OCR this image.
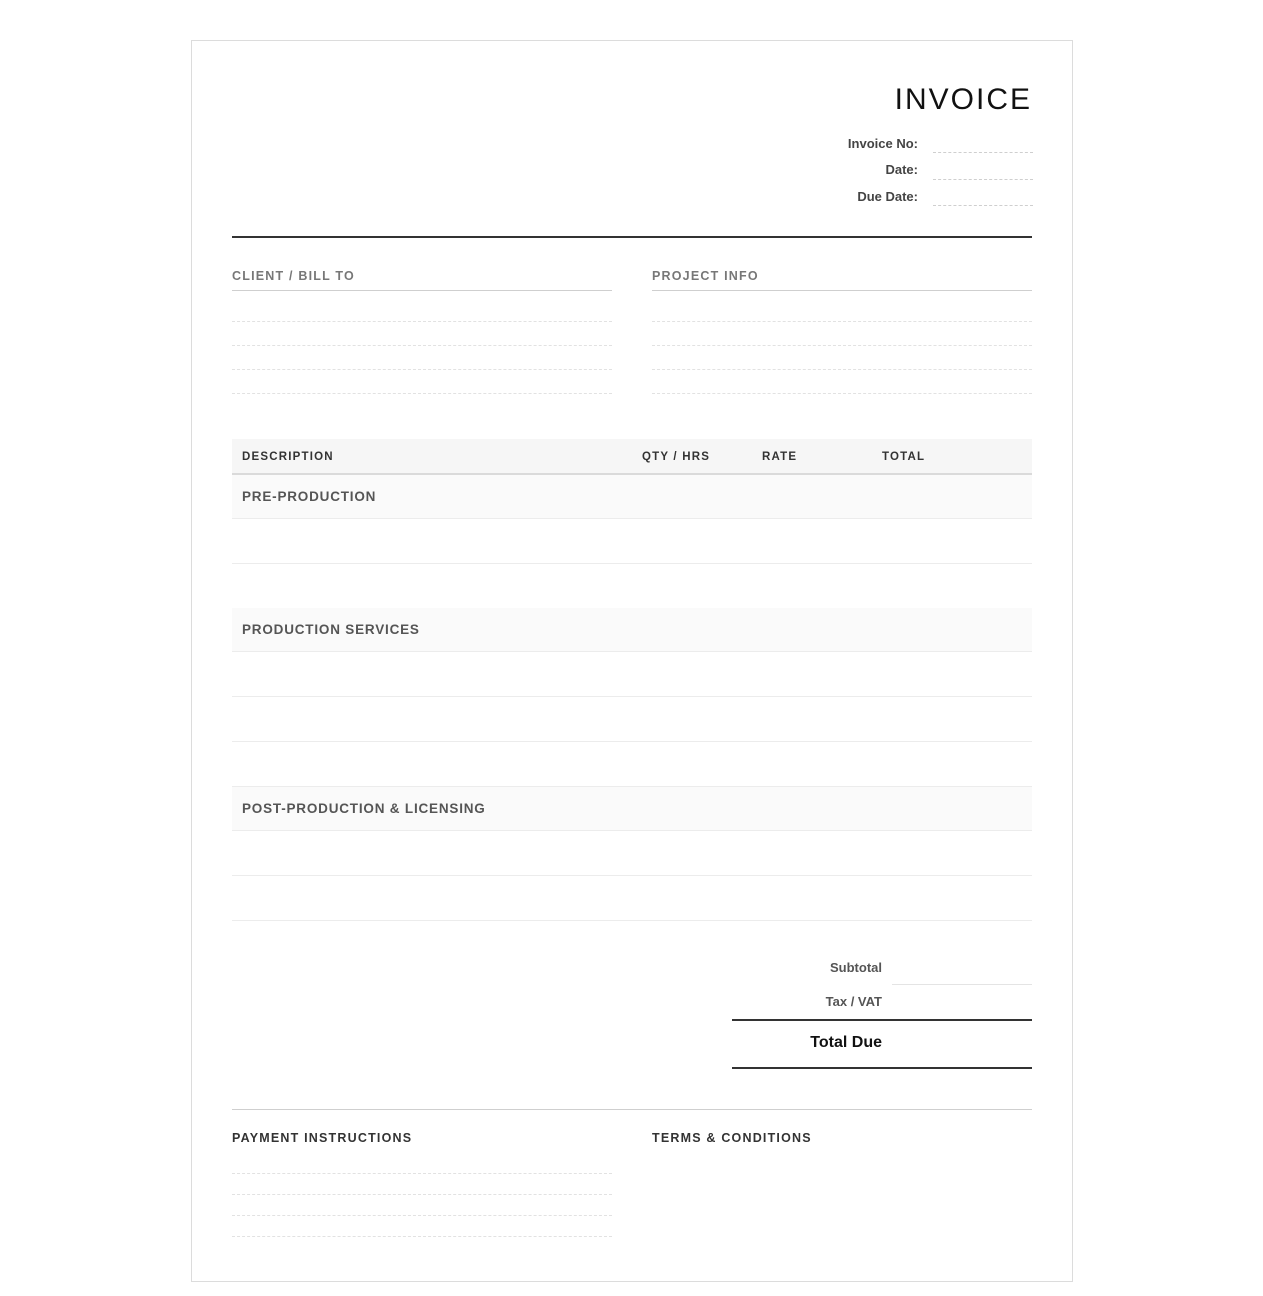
INVOICE
Invoice No:
Date:
Due Date:
CLIENT / BILL TO	PROJECT INFO
DESCRIPTION	QTY / HRS	RATE	TOTAL
PRE-PRODUCTION
PRODUCTION SERVICES
POST-PRODUCTION & LICENSING
Subtotal
Tax / VAT
Total Due
PAYMENT INSTRUCTIONS	TERMS & CONDITIONS
